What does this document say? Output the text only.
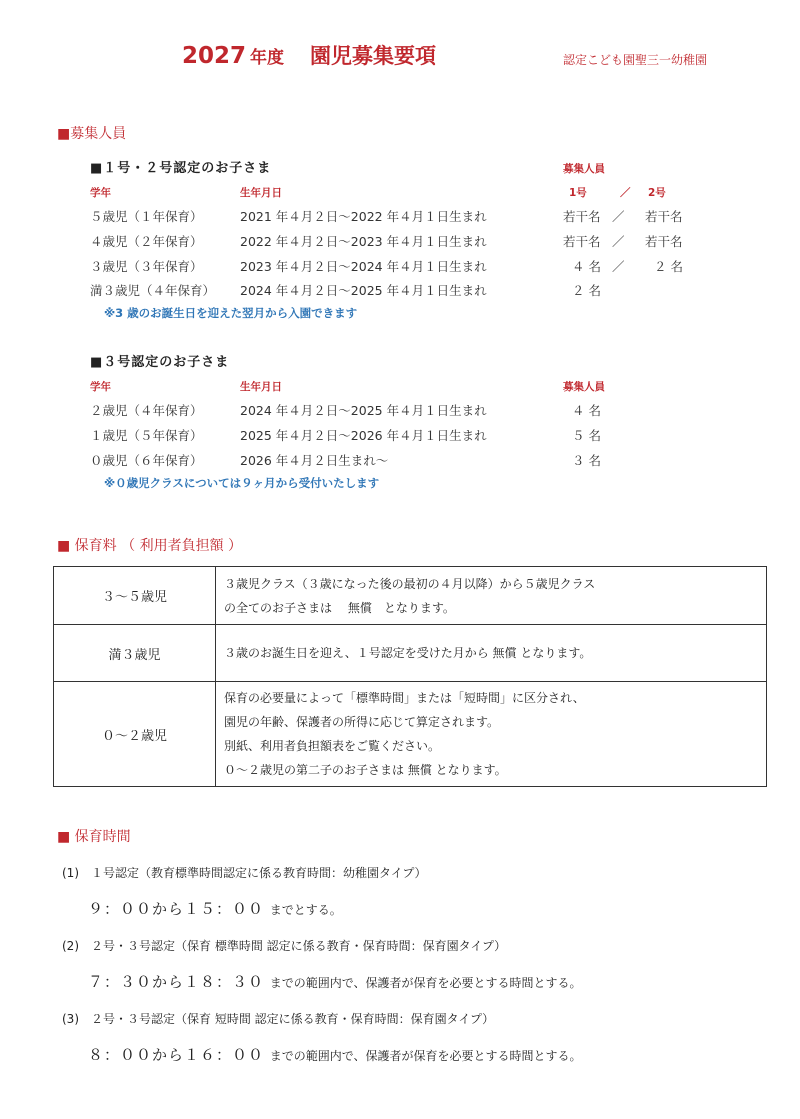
2027 年度 園児募集要項	認定こども園聖三一幼稚園
■募集人員
■１号・２号認定のお子さま	募集人員
学年	生年月日	1号	／ 2号
５歳児（１年保育）	2021 年４月２日～2022 年４月１日生まれ	若干名 ／ 若干名
４歳児（２年保育）	2022 年４月２日～2023 年４月１日生まれ	若干名 ／ 若干名
３歳児（３年保育）	2023 年４月２日～2024 年４月１日生まれ	４ 名 ／ ２ 名
満３歳児（４年保育） 2024 年４月２日～2025 年４月１日生まれ	２ 名
※3 歳のお誕生日を迎えた翌月から入園できます
■３号認定のお子さま
学年	生年月日	募集人員
２歳児（４年保育）	2024 年４月２日～2025 年４月１日生まれ	４ 名
１歳児（５年保育）	2025 年４月２日～2026 年４月１日生まれ	５ 名
０歳児（６年保育）	2026 年４月２日生まれ～	３ 名
※０歳児クラスについては９ヶ月から受付いたします
■ 保育料 （ 利用者負担額 ）
３～５歳児	３歳児クラス（３歳になった後の最初の４月以降）から５歳児クラス
の全てのお子さまは　 無償　となります。

満３歳児	３歳のお誕生日を迎え、１号認定を受けた月から 無償 となります。

０～２歳児	保育の必要量によって「標準時間」または「短時間」に区分され、
園児の年齢、保護者の所得に応じて算定されます。
別紙、利用者負担額表をご覧ください。
０～２歳児の第二子のお子さまは 無償 となります。
■ 保育時間
(1)　１号認定（教育標準時間認定に係る教育時間：幼稚園タイプ）
９：００から１５：００ までとする。
(2)　２号・３号認定（保育 標準時間 認定に係る教育・保育時間：保育園タイプ）
７：３０から１８：３０ までの範囲内で、保護者が保育を必要とする時間とする。
(3)　２号・３号認定（保育 短時間 認定に係る教育・保育時間：保育園タイプ）
８：００から１６：００ までの範囲内で、保護者が保育を必要とする時間とする。
